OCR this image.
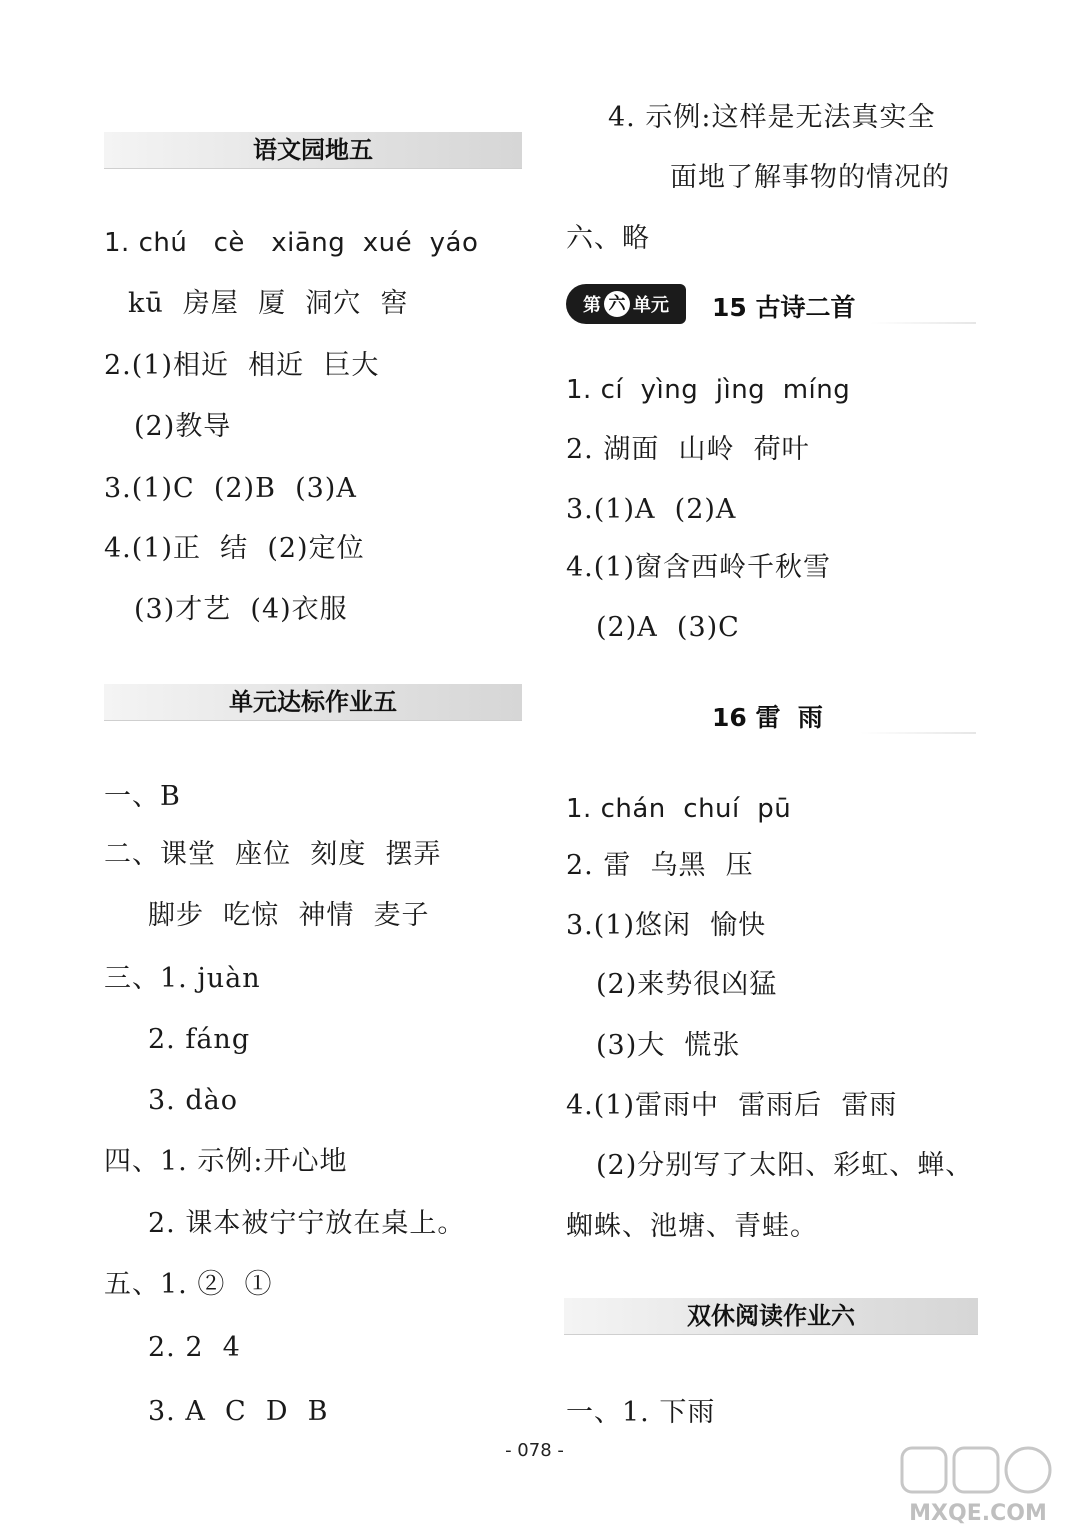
语文园地五
1. chú   cè   xiāng  xué  yáo
kū  房屋  厦  洞穴  窖
2.(1)相近  相近  巨大
(2)教导
3.(1)C  (2)B  (3)A
4.(1)正  结  (2)定位
(3)才艺  (4)衣服
单元达标作业五
一、B
二、课堂  座位  刻度  摆弄
脚步  吃惊  神情  麦子
三、1. juàn
2. fáng
3. dào
四、1. 示例:开心地
2. 课本被宁宁放在桌上。
五、1. ②  ①
2. 2  4
3. A  C  D  B
4. 示例:这样是无法真实全
面地了解事物的情况的
六、略
第 六 单元 15 古诗二首
1. cí  yìng  jìng  míng
2. 湖面  山岭  荷叶
3.(1)A  (2)A
4.(1)窗含西岭千秋雪
(2)A  (3)C
16 雷  雨
1. chán  chuí  pū
2. 雷  乌黑  压
3.(1)悠闲  愉快
(2)来势很凶猛
(3)大  慌张
4.(1)雷雨中  雷雨后  雷雨
(2)分别写了太阳、彩虹、蝉、
蜘蛛、池塘、青蛙。
双休阅读作业六
一、1. 下雨
- 078 -
MXQE.COM
